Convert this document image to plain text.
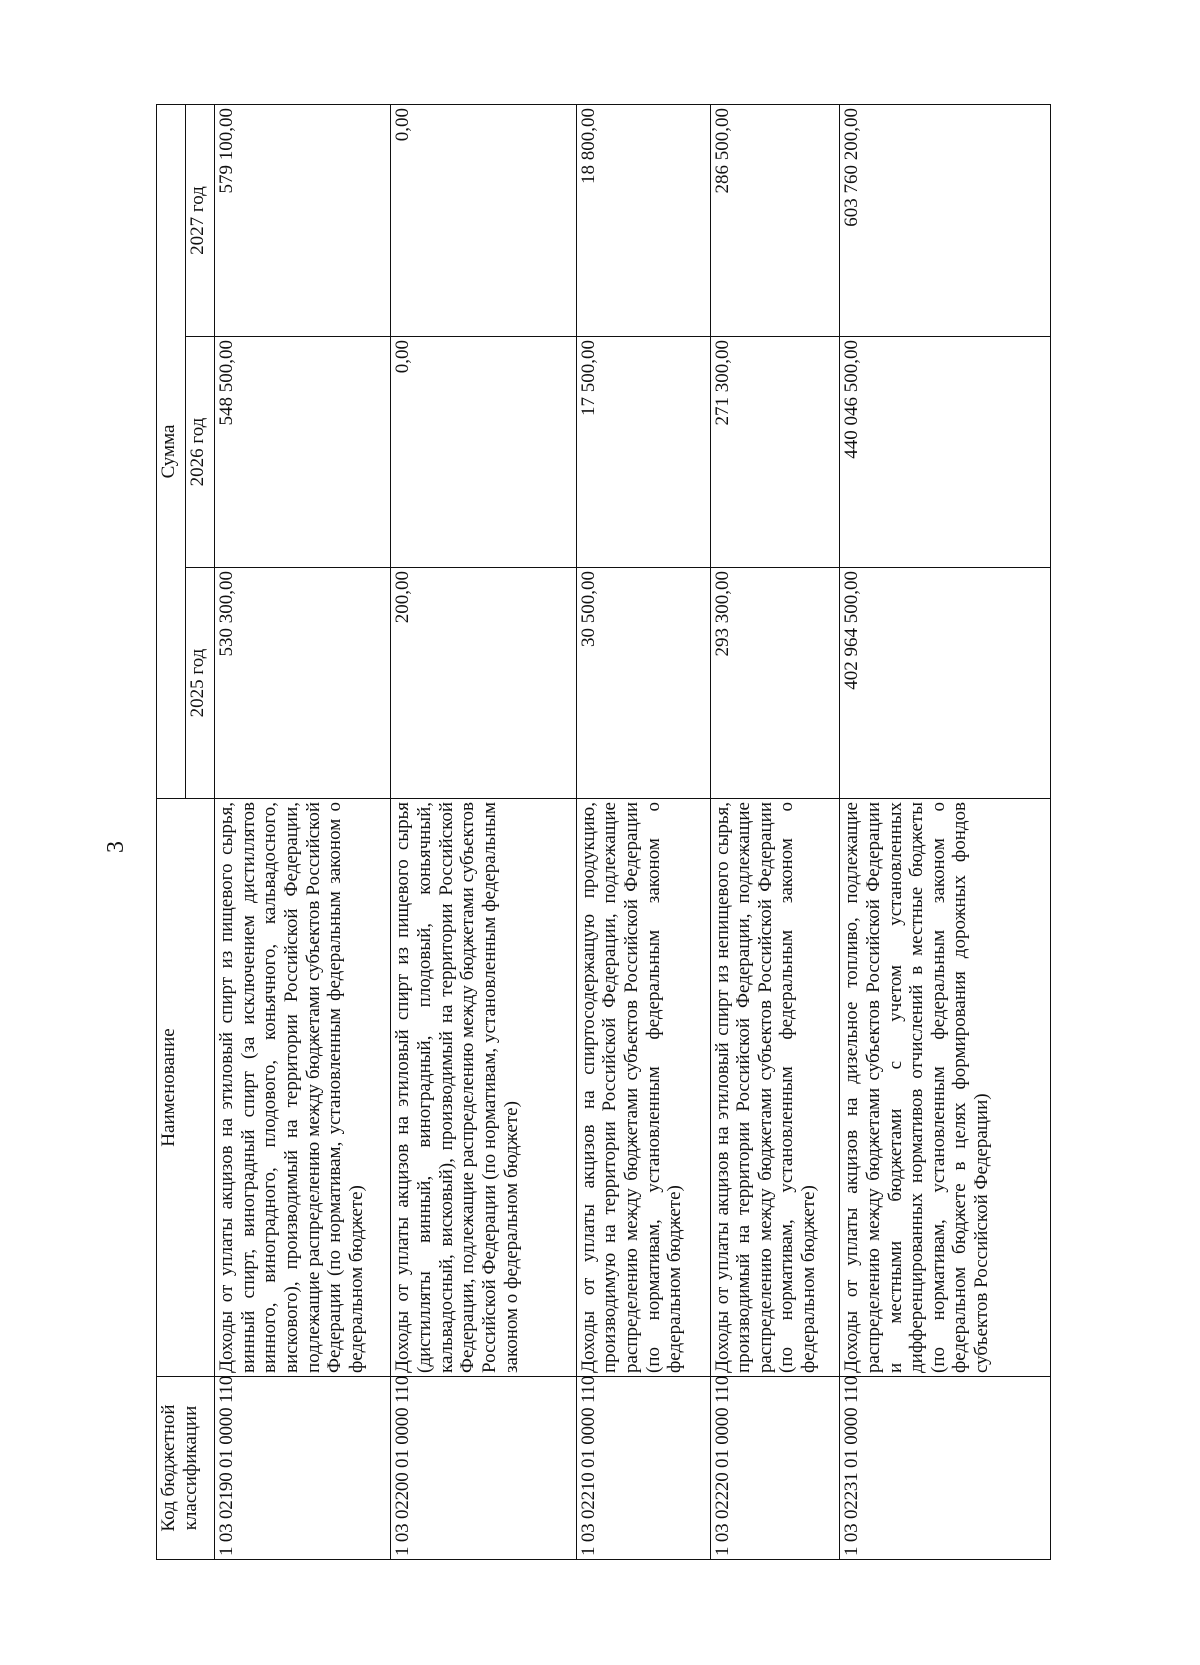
3
Код бюджетной классификации	Наименование	Сумма		
		2025 год	2026 год	2027 год
1 03 02190 01 0000 110	Доходы от уплаты акцизов на этиловый спирт из пищевого сырья, винный спирт, виноградный спирт (за исключением дистиллятов винного, виноградного, плодового, коньячного, кальвадосного, вискового), производимый на территории Российской Федерации, подлежащие распределению между бюджетами субъектов Российской Федерации (по нормативам, установленным федеральным законом о федеральном бюджете)	530 300,00	548 500,00	579 100,00
1 03 02200 01 0000 110	Доходы от уплаты акцизов на этиловый спирт из пищевого сырья (дистилляты винный, виноградный, плодовый, коньячный, кальвадосный, висковый), производимый на территории Российской Федерации, подлежащие распределению между бюджетами субъектов Российской Федерации (по нормативам, установленным федеральным законом о федеральном бюджете)	200,00	0,00	0,00
1 03 02210 01 0000 110	Доходы от уплаты акцизов на спиртосодержащую продукцию, производимую на территории Российской Федерации, подлежащие распределению между бюджетами субъектов Российской Федерации (по нормативам, установленным федеральным законом о федеральном бюджете)	30 500,00	17 500,00	18 800,00
1 03 02220 01 0000 110	Доходы от уплаты акцизов на этиловый спирт из непищевого сырья, производимый на территории Российской Федерации, подлежащие распределению между бюджетами субъектов Российской Федерации (по нормативам, установленным федеральным законом о федеральном бюджете)	293 300,00	271 300,00	286 500,00
1 03 02231 01 0000 110	Доходы от уплаты акцизов на дизельное топливо, подлежащие распределению между бюджетами субъектов Российской Федерации и местными бюджетами с учетом установленных дифференцированных нормативов отчислений в местные бюджеты (по нормативам, установленным федеральным законом о федеральном бюджете в целях формирования дорожных фондов субъектов Российской Федерации)	402 964 500,00	440 046 500,00	603 760 200,00
